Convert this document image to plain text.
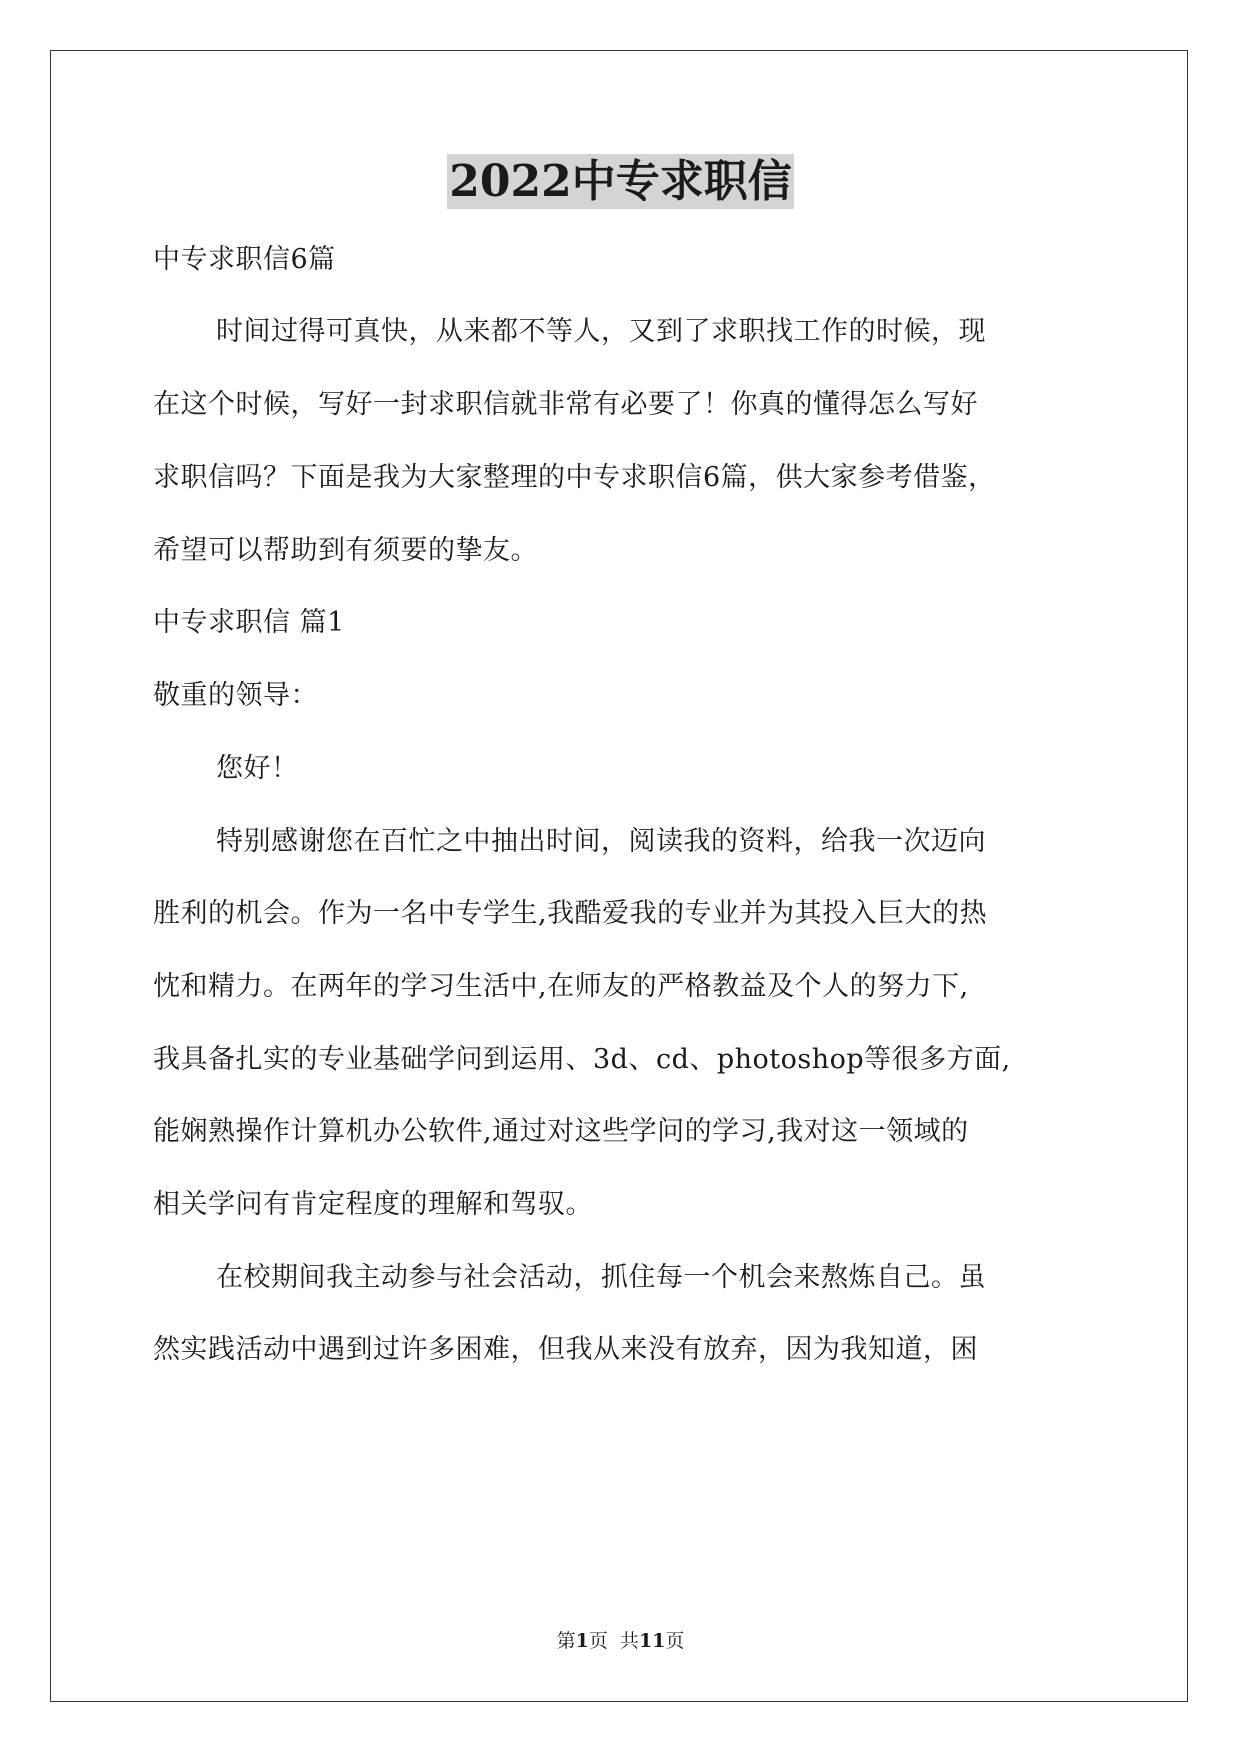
2022中专求职信

中专求职信6篇

时间过得可真快，从来都不等人，又到了求职找工作的时候，现

在这个时候，写好一封求职信就非常有必要了！你真的懂得怎么写好

求职信吗？下面是我为大家整理的中专求职信6篇，供大家参考借鉴，

希望可以帮助到有须要的挚友。

中专求职信 篇1

敬重的领导：

您好！

特别感谢您在百忙之中抽出时间，阅读我的资料，给我一次迈向

胜利的机会。作为一名中专学生,我酷爱我的专业并为其投入巨大的热

忱和精力。在两年的学习生活中,在师友的严格教益及个人的努力下,

我具备扎实的专业基础学问到运用、3d、cd、photoshop等很多方面,

能娴熟操作计算机办公软件,通过对这些学问的学习,我对这一领域的

相关学问有肯定程度的理解和驾驭。

在校期间我主动参与社会活动，抓住每一个机会来熬炼自己。虽

然实践活动中遇到过许多困难，但我从来没有放弃，因为我知道，困

第1页  共11页
